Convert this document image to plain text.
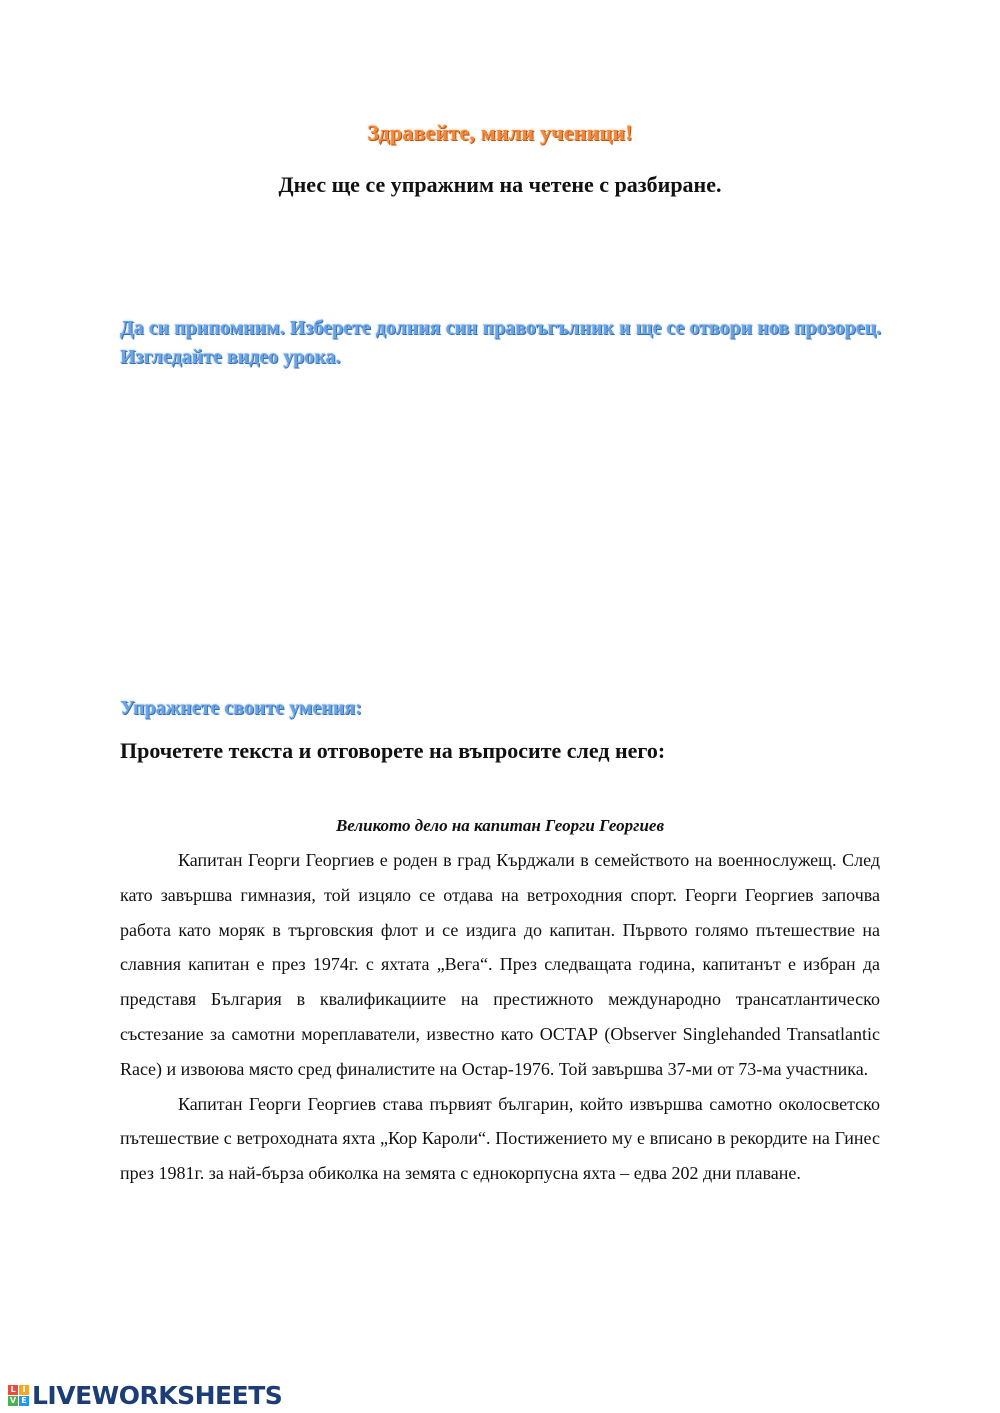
Здравейте, мили ученици!
Днес ще се упражним на четене с разбиране.
Да си припомним. Изберете долния син правоъгълник и ще се отвори нов прозорец. Изгледайте видео урока.
Упражнете своите умения:
Прочетете текста и отговорете на въпросите след него:
Великото дело на капитан Георги Георгиев

Капитан Георги Георгиев е роден в град Кърджали в семейството на военнослужещ. След като завършва гимназия, той изцяло се отдава на ветроходния спорт. Георги Георгиев започва работа като моряк в търговския флот и се издига до капитан. Първото голямо пътешествие на славния капитан е през 1974г. с яхтата „Вега“. През следващата година, капитанът е избран да представя България в квалификациите на престижното международно трансатлантическо състезание за самотни мореплаватели, известно като ОСТАР (Observer Singlehanded Transatlantic Race) и извоюва място сред финалистите на Остар-1976. Той завършва 37-ми от 73-ма участника.

Капитан Георги Георгиев става първият българин, който извършва самотно околосветско пътешествие с ветроходната яхта „Кор Кароли“. Постижението му е вписано в рекордите на Гинес през 1981г. за най-бърза обиколка на земята с еднокорпусна яхта – едва 202 дни плаване.

L I
V E LIVEWORKSHEETS
